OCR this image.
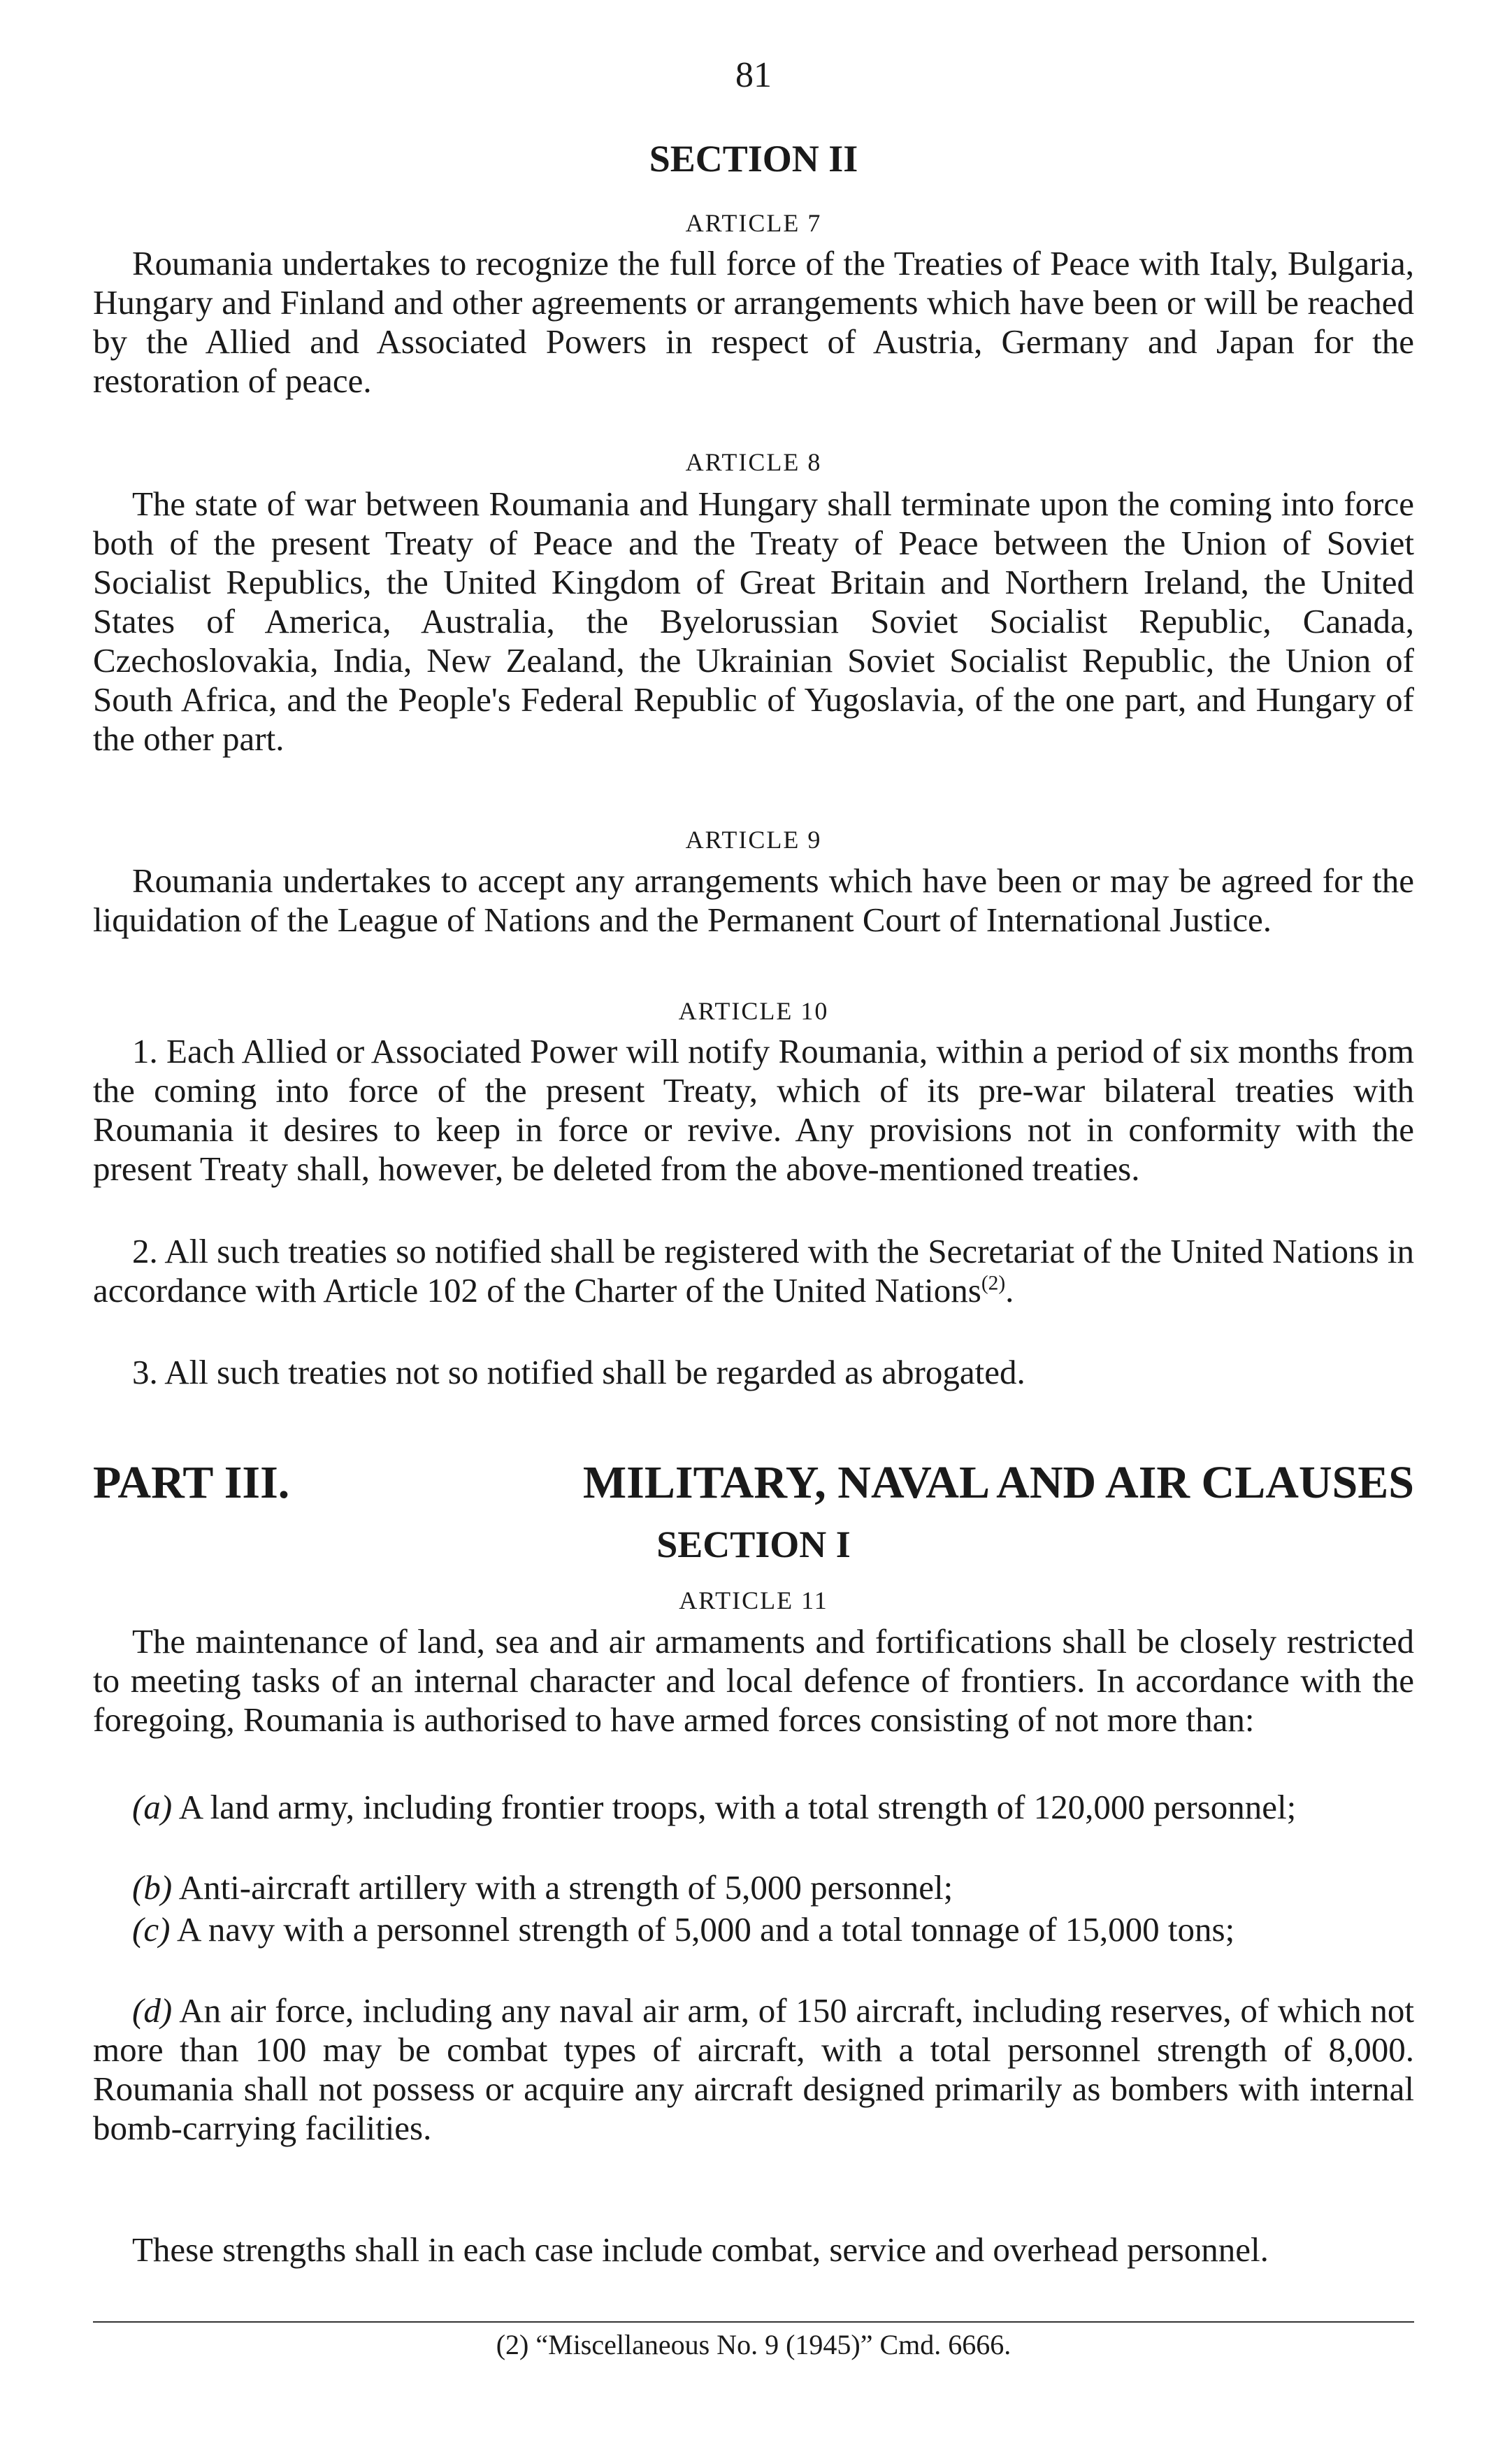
81
SECTION II
ARTICLE 7

Roumania undertakes to recognize the full force of the Treaties of Peace with Italy, Bulgaria, Hungary and Finland and other agreements or arrangements which have been or will be reached by the Allied and Associated Powers in respect of Austria, Germany and Japan for the restoration of peace.

ARTICLE 8

The state of war between Roumania and Hungary shall terminate upon the coming into force both of the present Treaty of Peace and the Treaty of Peace between the Union of Soviet Socialist Republics, the United Kingdom of Great Britain and Northern Ireland, the United States of America, Australia, the Byelorussian Soviet Socialist Republic, Canada, Czechoslovakia, India, New Zealand, the Ukrainian Soviet Socialist Republic, the Union of South Africa, and the People's Federal Republic of Yugoslavia, of the one part, and Hungary of the other part.

ARTICLE 9

Roumania undertakes to accept any arrangements which have been or may be agreed for the liquidation of the League of Nations and the Permanent Court of International Justice.

ARTICLE 10

1. Each Allied or Associated Power will notify Roumania, within a period of six months from the coming into force of the present Treaty, which of its pre-war bilateral treaties with Roumania it desires to keep in force or revive. Any provisions not in conformity with the present Treaty shall, however, be deleted from the above-mentioned treaties.

2. All such treaties so notified shall be registered with the Secretariat of the United Nations in accordance with Article 102 of the Charter of the United Nations$^{(2)}$.

3. All such treaties not so notified shall be regarded as abrogated.

PART III.	MILITARY, NAVAL AND AIR CLAUSES
SECTION I
ARTICLE 11

The maintenance of land, sea and air armaments and fortifications shall be closely restricted to meeting tasks of an internal character and local defence of frontiers. In accordance with the foregoing, Roumania is authorised to have armed forces consisting of not more than:

(a) A land army, including frontier troops, with a total strength of 120,000 personnel;

(b) Anti-aircraft artillery with a strength of 5,000 personnel;

(c) A navy with a personnel strength of 5,000 and a total tonnage of 15,000 tons;

(d) An air force, including any naval air arm, of 150 aircraft, including reserves, of which not more than 100 may be combat types of aircraft, with a total personnel strength of 8,000. Roumania shall not possess or acquire any aircraft designed primarily as bombers with internal bomb-carrying facilities.

These strengths shall in each case include combat, service and overhead personnel.

(2) “Miscellaneous No. 9 (1945)” Cmd. 6666.
